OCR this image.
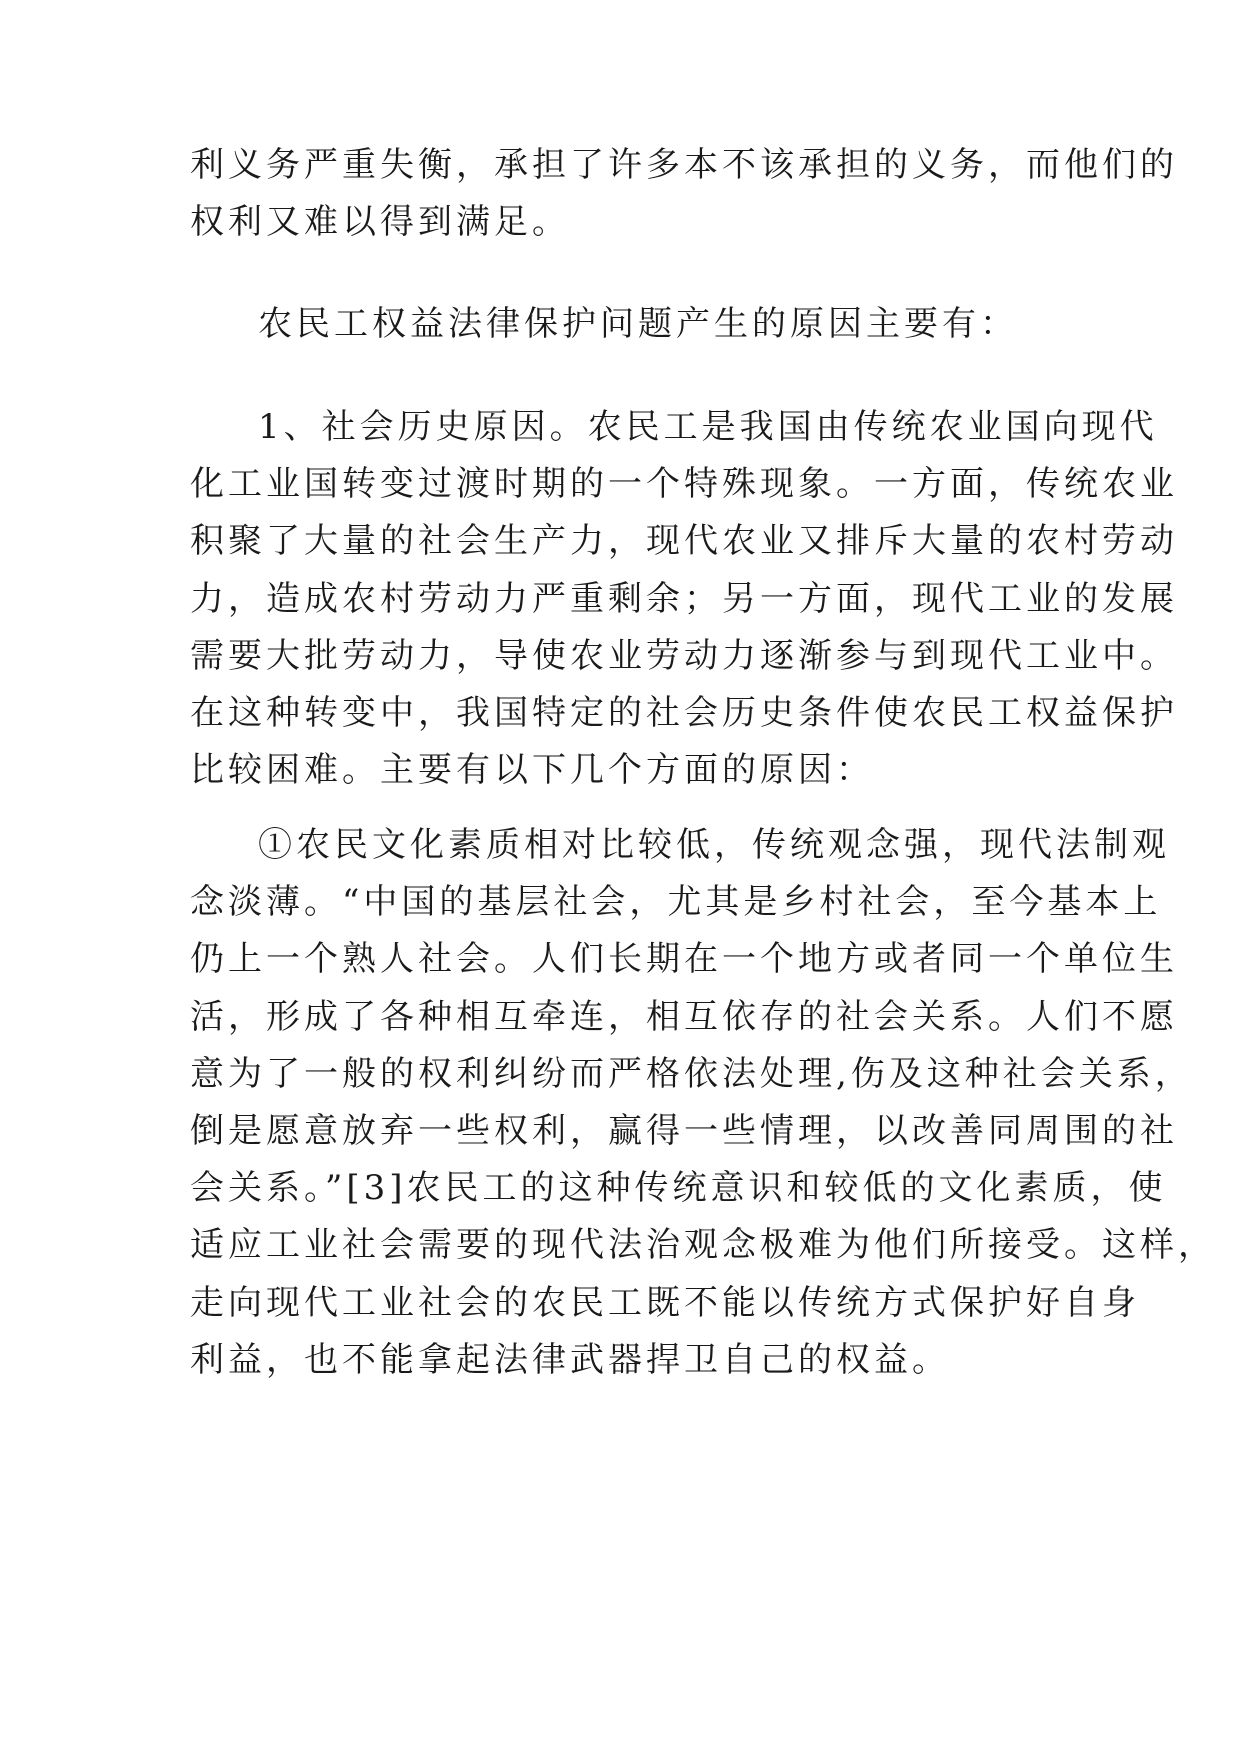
利义务严重失衡，承担了许多本不该承担的义务，而他们的
权利又难以得到满足。
农民工权益法律保护问题产生的原因主要有：
1、社会历史原因。农民工是我国由传统农业国向现代
化工业国转变过渡时期的一个特殊现象。一方面，传统农业
积聚了大量的社会生产力，现代农业又排斥大量的农村劳动
力，造成农村劳动力严重剩余；另一方面，现代工业的发展
需要大批劳动力，导使农业劳动力逐渐参与到现代工业中。
在这种转变中，我国特定的社会历史条件使农民工权益保护
比较困难。主要有以下几个方面的原因：
①农民文化素质相对比较低，传统观念强，现代法制观
念淡薄。“中国的基层社会，尤其是乡村社会，至今基本上
仍上一个熟人社会。人们长期在一个地方或者同一个单位生
活，形成了各种相互牵连，相互依存的社会关系。人们不愿
意为了一般的权利纠纷而严格依法处理,伤及这种社会关系，
倒是愿意放弃一些权利，赢得一些情理，以改善同周围的社
会关系。”[3]农民工的这种传统意识和较低的文化素质，使
适应工业社会需要的现代法治观念极难为他们所接受。这样，
走向现代工业社会的农民工既不能以传统方式保护好自身
利益，也不能拿起法律武器捍卫自己的权益。
